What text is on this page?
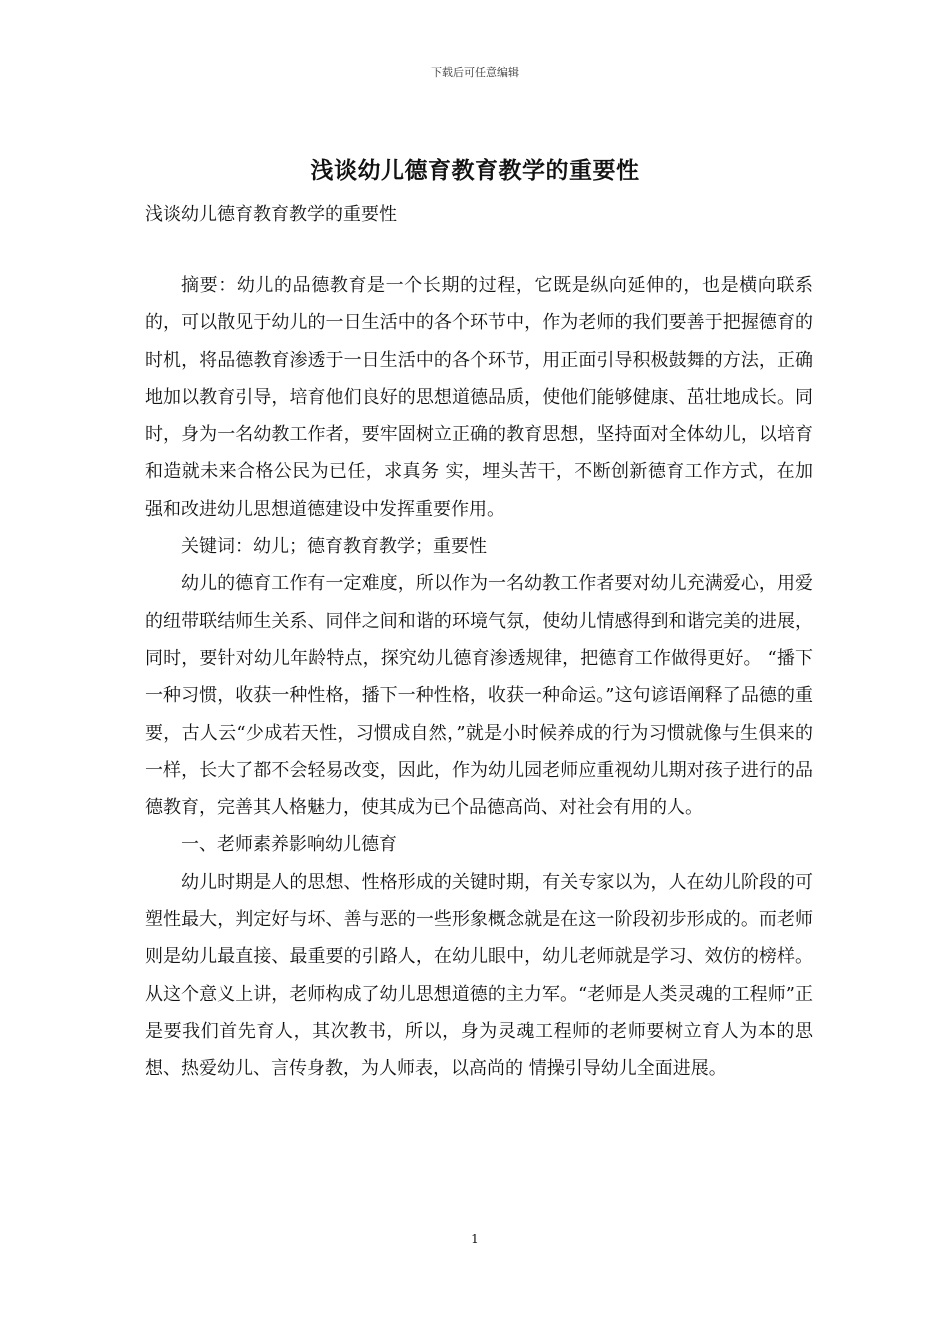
下载后可任意编辑
浅谈幼儿德育教育教学的重要性
浅谈幼儿德育教育教学的重要性

摘要：幼儿的品德教育是一个长期的过程，它既是纵向延伸的，也是横向联系的，可以散见于幼儿的一日生活中的各个环节中，作为老师的我们要善于把握德育的时机，将品德教育渗透于一日生活中的各个环节，用正面引导积极鼓舞的方法，正确地加以教育引导，培育他们良好的思想道德品质，使他们能够健康、茁壮地成长。同时，身为一名幼教工作者，要牢固树立正确的教育思想，坚持面对全体幼儿，以培育和造就未来合格公民为已任，求真务 实，埋头苦干，不断创新德育工作方式，在加强和改进幼儿思想道德建设中发挥重要作用。

关键词：幼儿；德育教育教学；重要性

幼儿的德育工作有一定难度，所以作为一名幼教工作者要对幼儿充满爱心，用爱的纽带联结师生关系、同伴之间和谐的环境气氛，使幼儿情感得到和谐完美的进展，同时，要针对幼儿年龄特点，探究幼儿德育渗透规律，把德育工作做得更好。 “播下一种习惯，收获一种性格，播下一种性格，收获一种命运。”这句谚语阐释了品德的重要，古人云“少成若天性，习惯成自然，”就是小时候养成的行为习惯就像与生俱来的一样，长大了都不会轻易改变，因此，作为幼儿园老师应重视幼儿期对孩子进行的品德教育，完善其人格魅力，使其成为已个品德高尚、对社会有用的人。

一、老师素养影响幼儿德育

幼儿时期是人的思想、性格形成的关键时期，有关专家以为，人在幼儿阶段的可塑性最大，判定好与坏、善与恶的一些形象概念就是在这一阶段初步形成的。而老师则是幼儿最直接、最重要的引路人，在幼儿眼中，幼儿老师就是学习、效仿的榜样。从这个意义上讲，老师构成了幼儿思想道德的主力军。“老师是人类灵魂的工程师”正是要我们首先育人，其次教书，所以，身为灵魂工程师的老师要树立育人为本的思想、热爱幼儿、言传身教，为人师表，以高尚的 情操引导幼儿全面进展。

1
